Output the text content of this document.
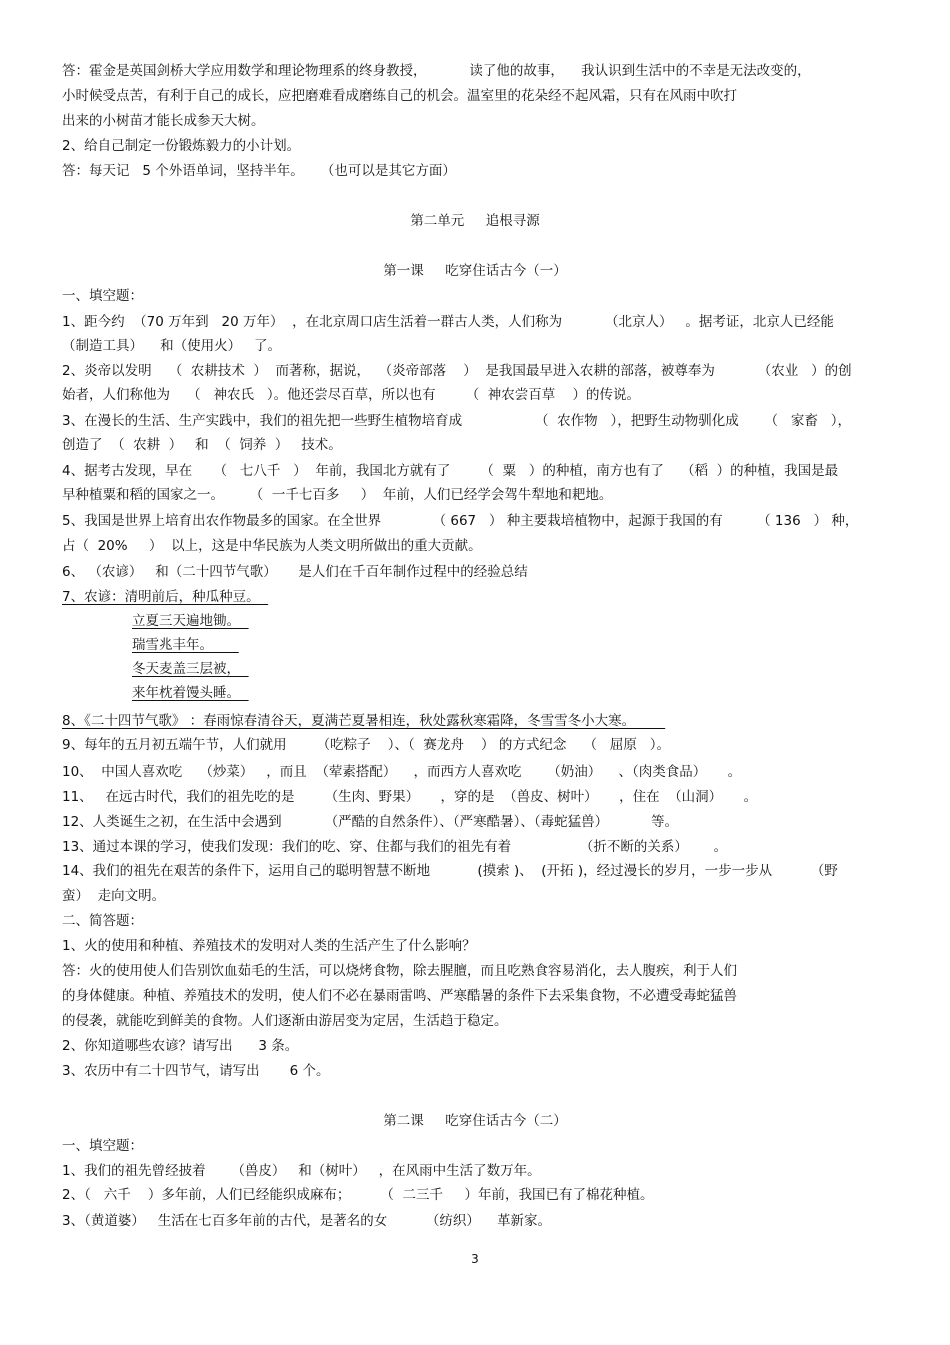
答：霍金是英国剑桥大学应用数学和理论物理系的终身教授，          读了他的故事，    我认识到生活中的不幸是无法改变的，
小时候受点苦，有利于自己的成长，应把磨难看成磨练自己的机会。温室里的花朵经不起风霜，只有在风雨中吹打
出来的小树苗才能长成参天大树。
2、给自己制定一份锻炼毅力的小计划。
答：每天记   5 个外语单词，坚持半年。    （也可以是其它方面）
第二单元     追根寻源
第一课     吃穿住话古今（一）
一、填空题：
1、距今约  （70 万年到   20 万年）  ，在北京周口店生活着一群古人类，人们称为          （北京人）   。据考证，北京人已经能
（制造工具）    和（使用火）   了。
2、炎帝以发明    （  农耕技术  ）  而著称，据说，  （炎帝部落    ）  是我国最早进入农耕的部落，被尊奉为          （农业   ）的创
始者，人们称他为    （   神农氏   ）。他还尝尽百草，所以也有       （  神农尝百草    ）的传说。
3、在漫长的生活、生产实践中，我们的祖先把一些野生植物培育成                 （  农作物   ），把野生动物驯化成      （   家畜   ），
创造了  （  农耕  ）   和  （  饲养  ）   技术。
4、据考古发现，早在     （   七八千   ）  年前，我国北方就有了       （  粟   ）的种植，南方也有了    （稻  ）的种植，我国是最
早种植粟和稻的国家之一。      （  一千七百多     ）  年前，人们已经学会驾牛犁地和耙地。
5、我国是世界上培育出农作物最多的国家。在全世界            （ 667   ） 种主要栽培植物中，起源于我国的有        （ 136   ） 种，
占（  20%     ）  以上，这是中华民族为人类文明所做出的重大贡献。
6、 （农谚）   和（二十四节气歌）     是人们在千百年制作过程中的经验总结
7、农谚：清明前后，种瓜种豆。
立夏三天遍地锄。
瑞雪兆丰年。
冬天麦盖三层被，
来年枕着馒头睡。
8、《二十四节气歌》 ：春雨惊春清谷天，夏满芒夏暑相连，秋处露秋寒霜降，冬雪雪冬小大寒。
9、每年的五月初五端午节，人们就用       （吃粽子    ）、（  赛龙舟    ） 的方式纪念    （   屈原   ）。
10、  中国人喜欢吃    （炒菜）   ，而且  （荤素搭配）    ，而西方人喜欢吃      （奶油）    、（肉类食品）     。
11、   在远古时代，我们的祖先吃的是       （生肉、野果）     ，穿的是  （兽皮、树叶）     ，住在  （山洞）     。
12、人类诞生之初，在生活中会遇到          （严酷的自然条件）、（严寒酷暑）、（毒蛇猛兽）          等。
13、通过本课的学习，使我们发现：我们的吃、穿、住都与我们的祖先有着                （折不断的关系）      。
14、我们的祖先在艰苦的条件下，运用自己的聪明智慧不断地           (摸索 )、  (开拓 )，经过漫长的岁月，一步一步从         （野
蛮）  走向文明。
二、简答题：
1、火的使用和种植、养殖技术的发明对人类的生活产生了什么影响？
答：火的使用使人们告别饮血茹毛的生活，可以烧烤食物，除去腥膻，而且吃熟食容易消化，去人腹疾，利于人们
的身体健康。种植、养殖技术的发明，使人们不必在暴雨雷鸣、严寒酷暑的条件下去采集食物，不必遭受毒蛇猛兽
的侵袭，就能吃到鲜美的食物。人们逐渐由游居变为定居，生活趋于稳定。
2、你知道哪些农谚？请写出      3 条。
3、农历中有二十四节气，请写出       6 个。
第二课     吃穿住话古今（二）
一、填空题：
1、我们的祖先曾经披着      （兽皮）   和（树叶）   ，在风雨中生活了数万年。
2、（   六千    ）多年前，人们已经能织成麻布；       （  二三千     ）年前，我国已有了棉花种植。
3、（黄道婆）   生活在七百多年前的古代，是著名的女         （纺织）    革新家。
3
